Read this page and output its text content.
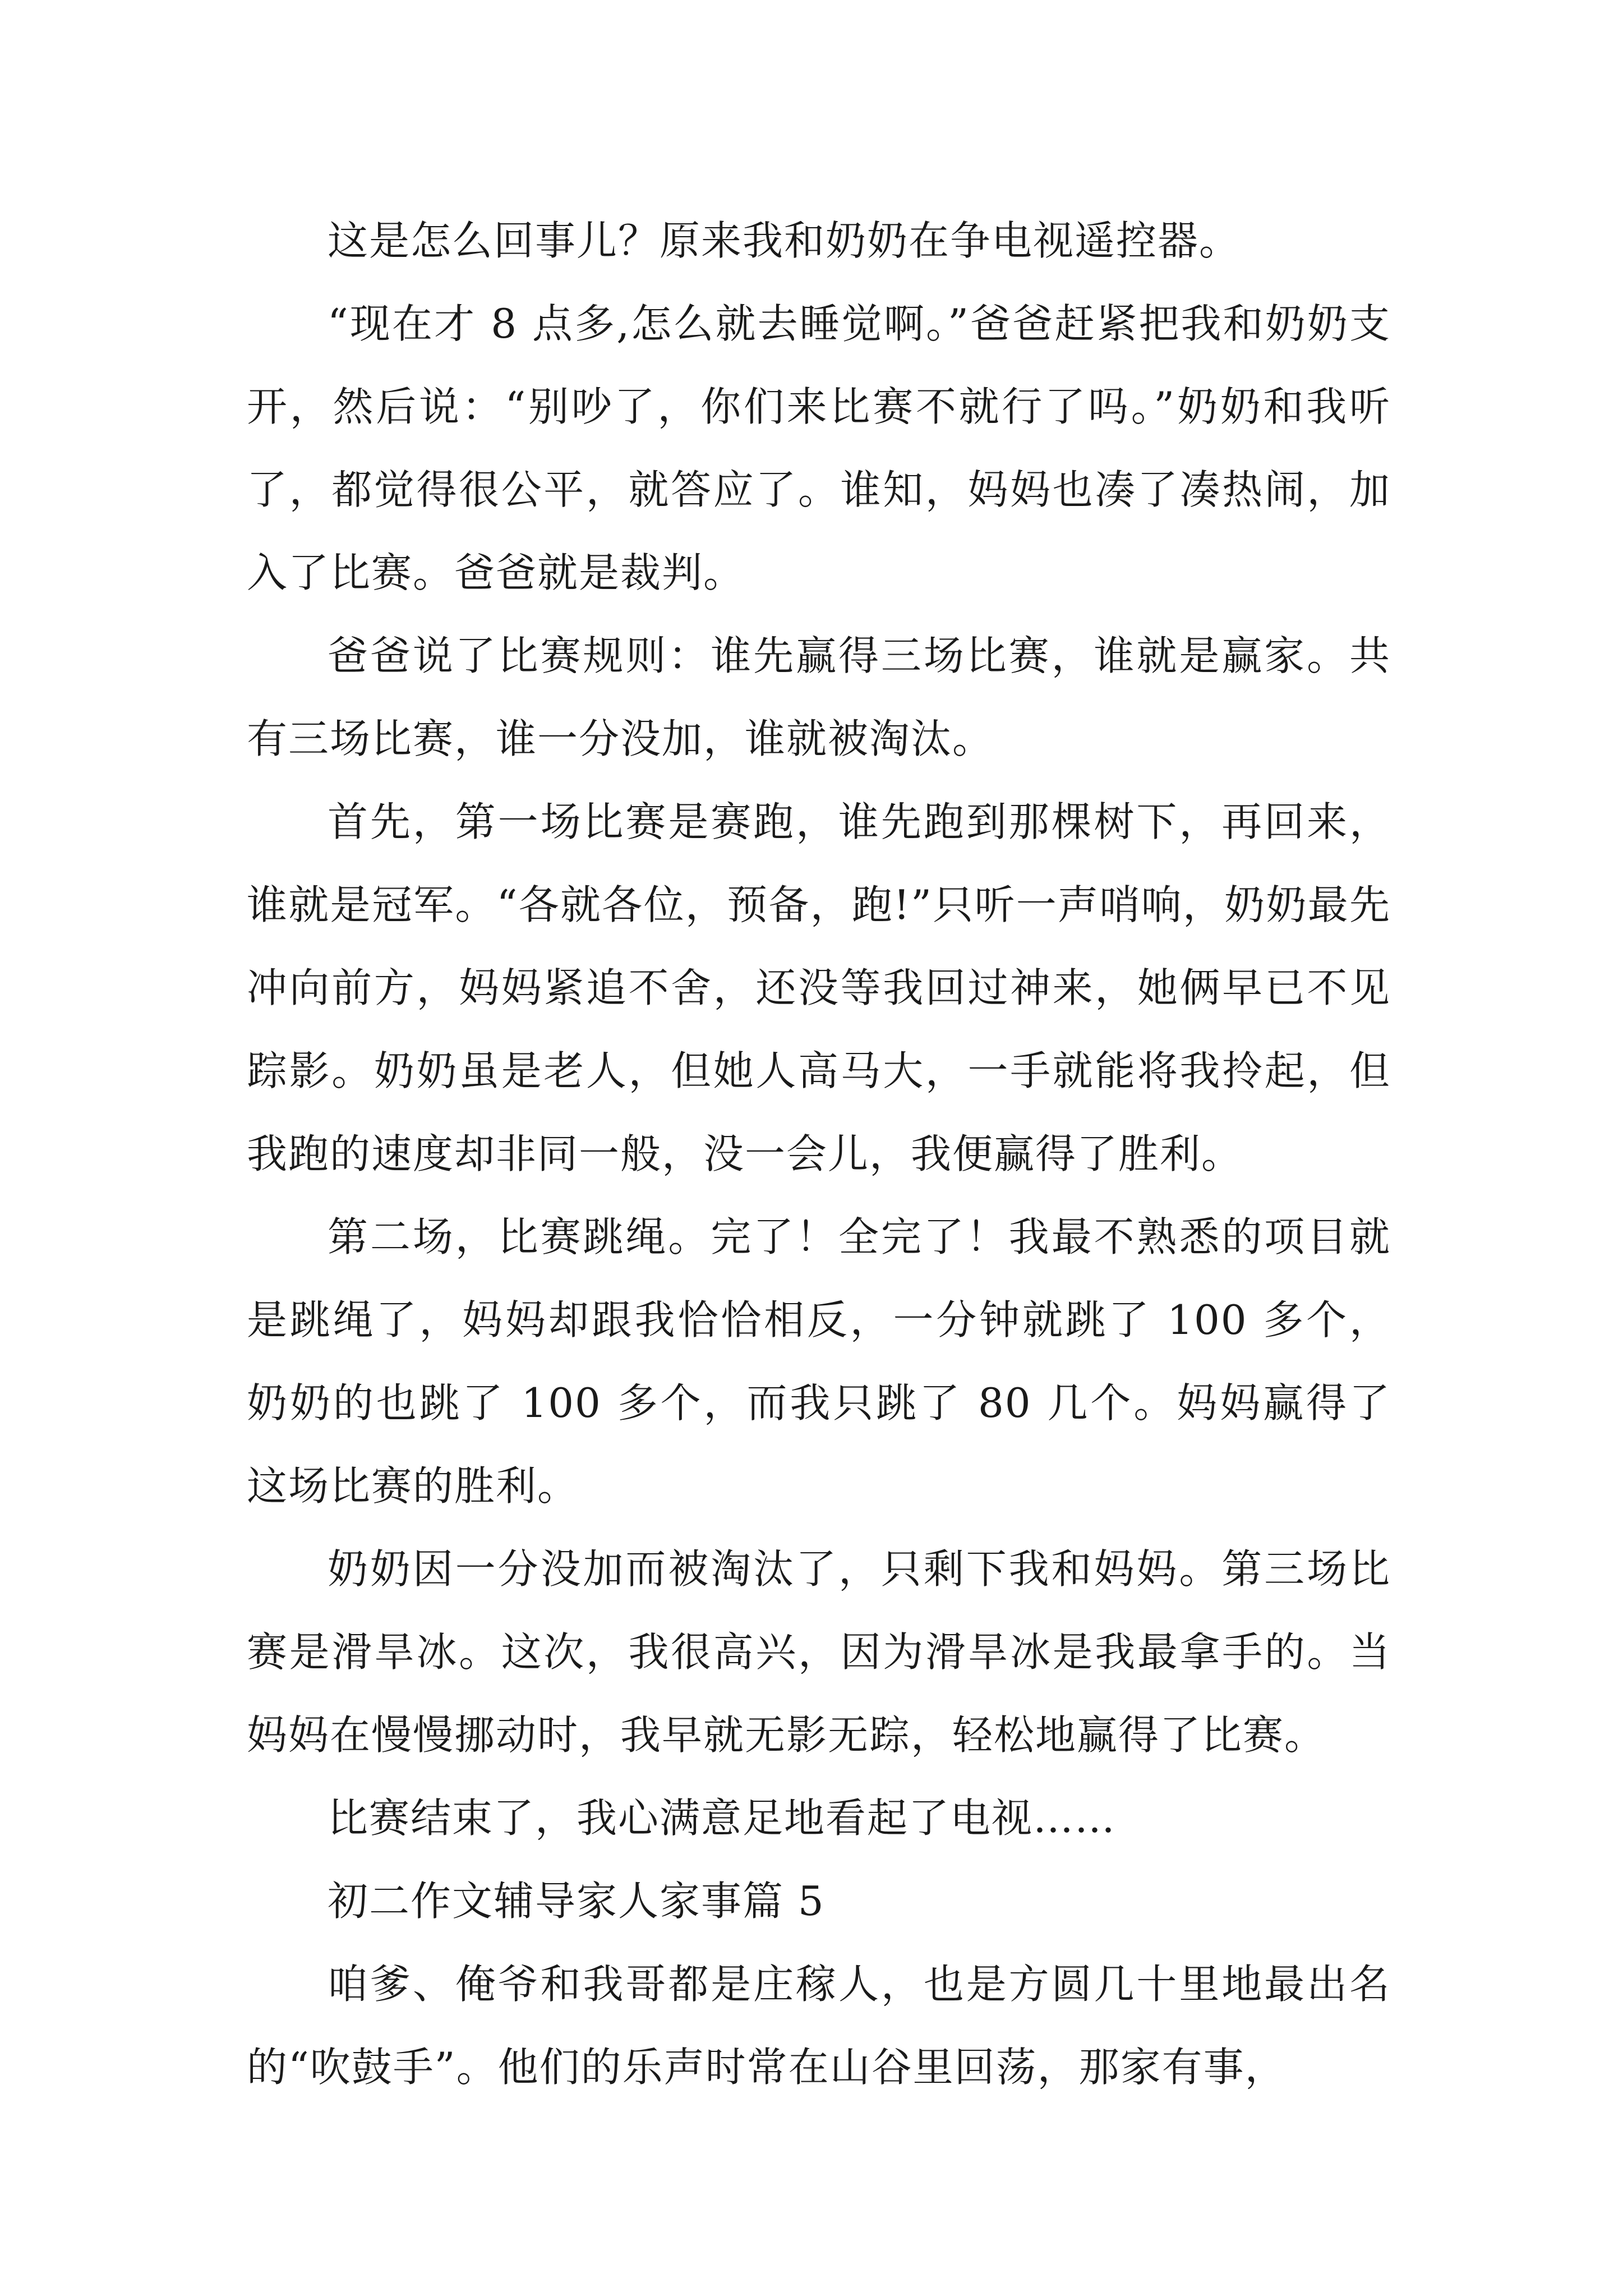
这是怎么回事儿？原来我和奶奶在争电视遥控器。

“现在才 8 点多,怎么就去睡觉啊。”爸爸赶紧把我和奶奶支开，然后说：“别吵了，你们来比赛不就行了吗。”奶奶和我听了，都觉得很公平，就答应了。谁知，妈妈也凑了凑热闹，加入了比赛。爸爸就是裁判。

爸爸说了比赛规则：谁先赢得三场比赛，谁就是赢家。共有三场比赛，谁一分没加，谁就被淘汰。

首先，第一场比赛是赛跑，谁先跑到那棵树下，再回来，谁就是冠军。“各就各位，预备，跑!”只听一声哨响，奶奶最先冲向前方，妈妈紧追不舍，还没等我回过神来，她俩早已不见踪影。奶奶虽是老人，但她人高马大，一手就能将我拎起，但我跑的速度却非同一般，没一会儿，我便赢得了胜利。

第二场，比赛跳绳。完了！全完了！我最不熟悉的项目就是跳绳了，妈妈却跟我恰恰相反，一分钟就跳了 100 多个，奶奶的也跳了 100 多个，而我只跳了 80 几个。妈妈赢得了这场比赛的胜利。

奶奶因一分没加而被淘汰了，只剩下我和妈妈。第三场比赛是滑旱冰。这次，我很高兴，因为滑旱冰是我最拿手的。当妈妈在慢慢挪动时，我早就无影无踪，轻松地赢得了比赛。

比赛结束了，我心满意足地看起了电视……

初二作文辅导家人家事篇 5

咱爹、俺爷和我哥都是庄稼人，也是方圆几十里地最出名的“吹鼓手”。他们的乐声时常在山谷里回荡，那家有事，
